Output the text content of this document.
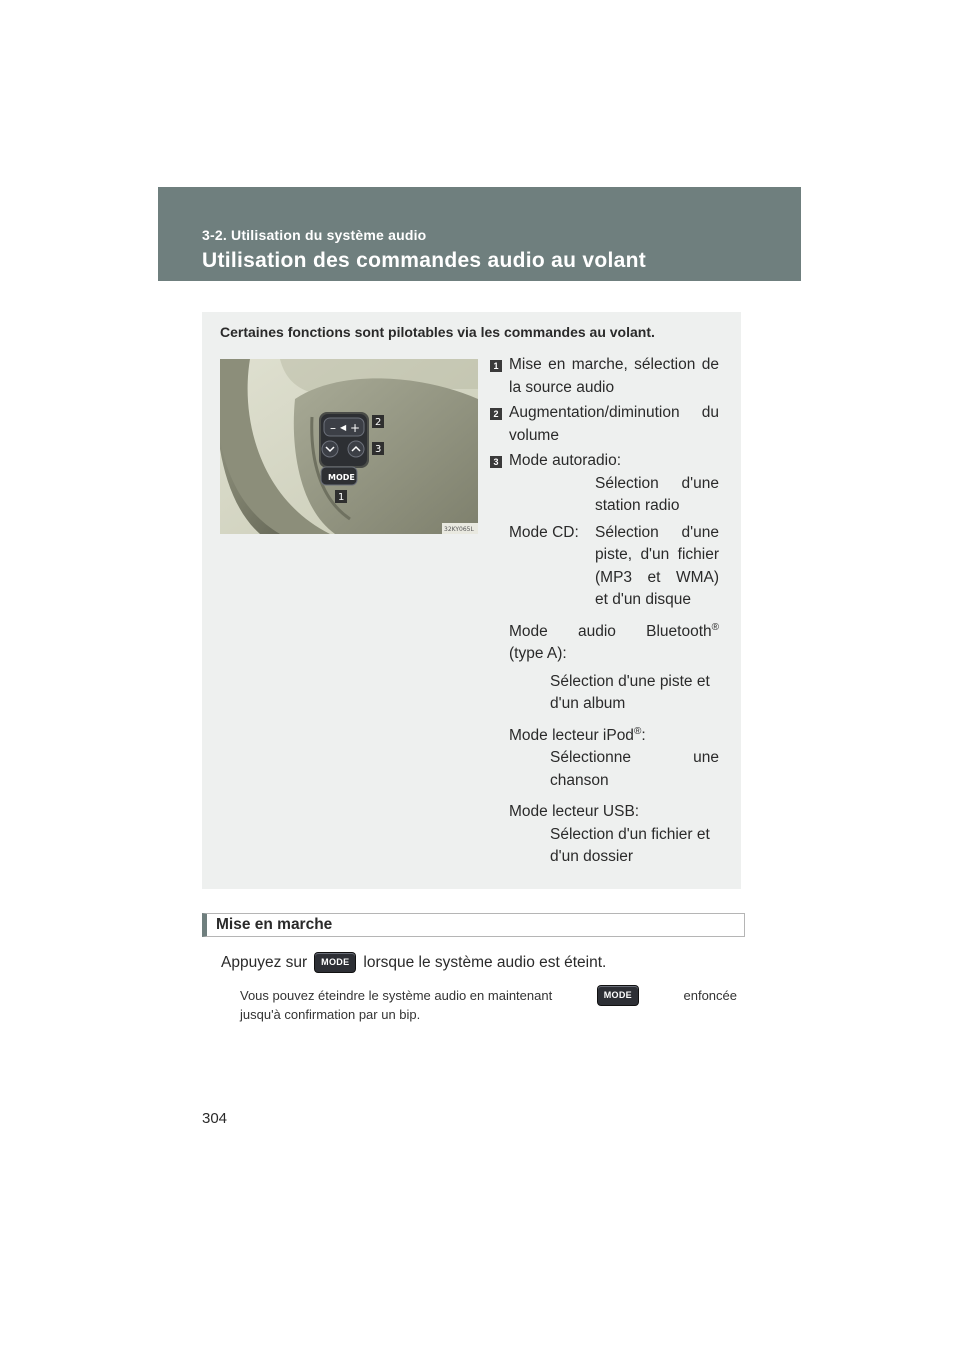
3-2. Utilisation du système audio
Utilisation des commandes audio au volant
Certaines fonctions sont pilotables via les commandes au volant.
– ◀ +
MODE
2
3
1
32KY065L
1 Mise en marche, sélection de
la source audio
2 Augmentation/diminution du
volume
3 Mode autoradio:
Sélection d'une
station radio
Mode CD:	Sélection d'une
piste, d'un fichier
(MP3 et WMA)
et d'un disque
Mode audio Bluetooth®
(type A):
Sélection d'une piste et
d'un album
Mode lecteur iPod®:
Sélectionne	une
chanson
Mode lecteur USB:
Sélection d'un fichier et
d'un dossier
Mise en marche
Appuyez sur	MODE lorsque le système audio est éteint.
Vous pouvez éteindre le système audio en maintenant	MODE	enfoncée
jusqu'à confirmation par un bip.
304
